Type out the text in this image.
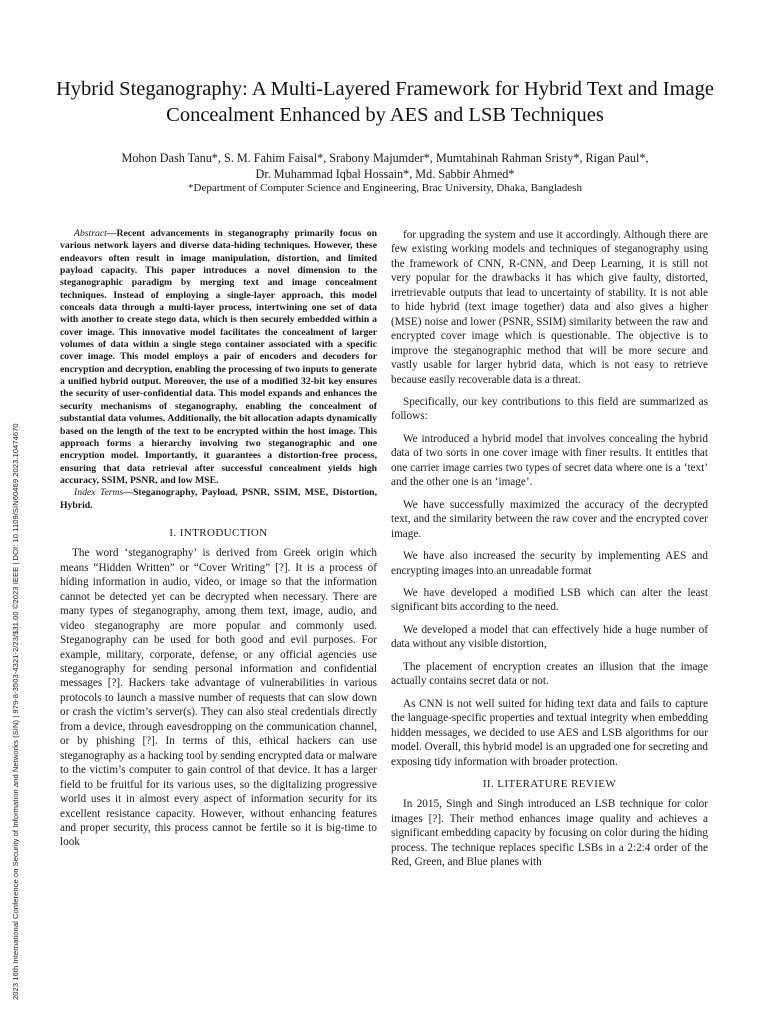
2023 16th International Conference on Security of Information and Networks (SIN) | 979-8-3503-4321-2/23/$31.00 ©2023 IEEE | DOI: 10.1109/SIN60469.2023.10474670
Hybrid Steganography: A Multi-Layered Framework for Hybrid Text and Image Concealment Enhanced by AES and LSB Techniques
Mohon Dash Tanu*, S. M. Fahim Faisal*, Srabony Majumder*, Mumtahinah Rahman Sristy*, Rigan Paul*,
Dr. Muhammad Iqbal Hossain*, Md. Sabbir Ahmed*
*Department of Computer Science and Engineering, Brac University, Dhaka, Bangladesh

Abstract—Recent advancements in steganography primarily focus on various network layers and diverse data-hiding techniques. However, these endeavors often result in image manipulation, distortion, and limited payload capacity. This paper introduces a novel dimension to the steganographic paradigm by merging text and image concealment techniques. Instead of employing a single-layer approach, this model conceals data through a multi-layer process, intertwining one set of data with another to create stego data, which is then securely embedded within a cover image. This innovative model facilitates the concealment of larger volumes of data within a single stego container associated with a specific cover image. This model employs a pair of encoders and decoders for encryption and decryption, enabling the processing of two inputs to generate a unified hybrid output. Moreover, the use of a modified 32-bit key ensures the security of user-confidential data. This model expands and enhances the security mechanisms of steganography, enabling the concealment of substantial data volumes. Additionally, the bit allocation adapts dynamically based on the length of the text to be encrypted within the host image. This approach forms a hierarchy involving two steganographic and one encryption model. Importantly, it guarantees a distortion-free process, ensuring that data retrieval after successful concealment yields high accuracy, SSIM, PSNR, and low MSE.

Index Terms—Steganography, Payload, PSNR, SSIM, MSE, Distortion, Hybrid.

I. INTRODUCTION

The word ‘steganography’ is derived from Greek origin which means “Hidden Written” or “Cover Writing” [?]. It is a process of hiding information in audio, video, or image so that the information cannot be detected yet can be decrypted when necessary. There are many types of steganography, among them text, image, audio, and video steganography are more popular and commonly used. Steganography can be used for both good and evil purposes. For example, military, corporate, defense, or any official agencies use steganography for sending personal information and confidential messages [?]. Hackers take advantage of vulnerabilities in various protocols to launch a massive number of requests that can slow down or crash the victim’s server(s). They can also steal credentials directly from a device, through eavesdropping on the communication channel, or by phishing [?]. In terms of this, ethical hackers can use steganography as a hacking tool by sending encrypted data or malware to the victim’s computer to gain control of that device. It has a larger field to be fruitful for its various uses, so the digitalizing progressive world uses it in almost every aspect of information security for its excellent resistance capacity. However, without enhancing features and proper security, this process cannot be fertile so it is big-time to look

for upgrading the system and use it accordingly. Although there are few existing working models and techniques of steganography using the framework of CNN, R-CNN, and Deep Learning, it is still not very popular for the drawbacks it has which give faulty, distorted, irretrievable outputs that lead to uncertainty of stability. It is not able to hide hybrid (text image together) data and also gives a higher (MSE) noise and lower (PSNR, SSIM) similarity between the raw and encrypted cover image which is questionable. The objective is to improve the steganographic method that will be more secure and vastly usable for larger hybrid data, which is not easy to retrieve because easily recoverable data is a threat.

Specifically, our key contributions to this field are summarized as follows:

We introduced a hybrid model that involves concealing the hybrid data of two sorts in one cover image with finer results. It entitles that one carrier image carries two types of secret data where one is a ‘text’ and the other one is an ‘image’.

We have successfully maximized the accuracy of the decrypted text, and the similarity between the raw cover and the encrypted cover image.

We have also increased the security by implementing AES and encrypting images into an unreadable format

We have developed a modified LSB which can alter the least significant bits according to the need.

We developed a model that can effectively hide a huge number of data without any visible distortion,

The placement of encryption creates an illusion that the image actually contains secret data or not.

As CNN is not well suited for hiding text data and fails to capture the language-specific properties and textual integrity when embedding hidden messages, we decided to use AES and LSB algorithms for our model. Overall, this hybrid model is an upgraded one for secreting and exposing tidy information with broader protection.

II. LITERATURE REVIEW

In 2015, Singh and Singh introduced an LSB technique for color images [?]. Their method enhances image quality and achieves a significant embedding capacity by focusing on color during the hiding process. The technique replaces specific LSBs in a 2:2:4 order of the Red, Green, and Blue planes with
